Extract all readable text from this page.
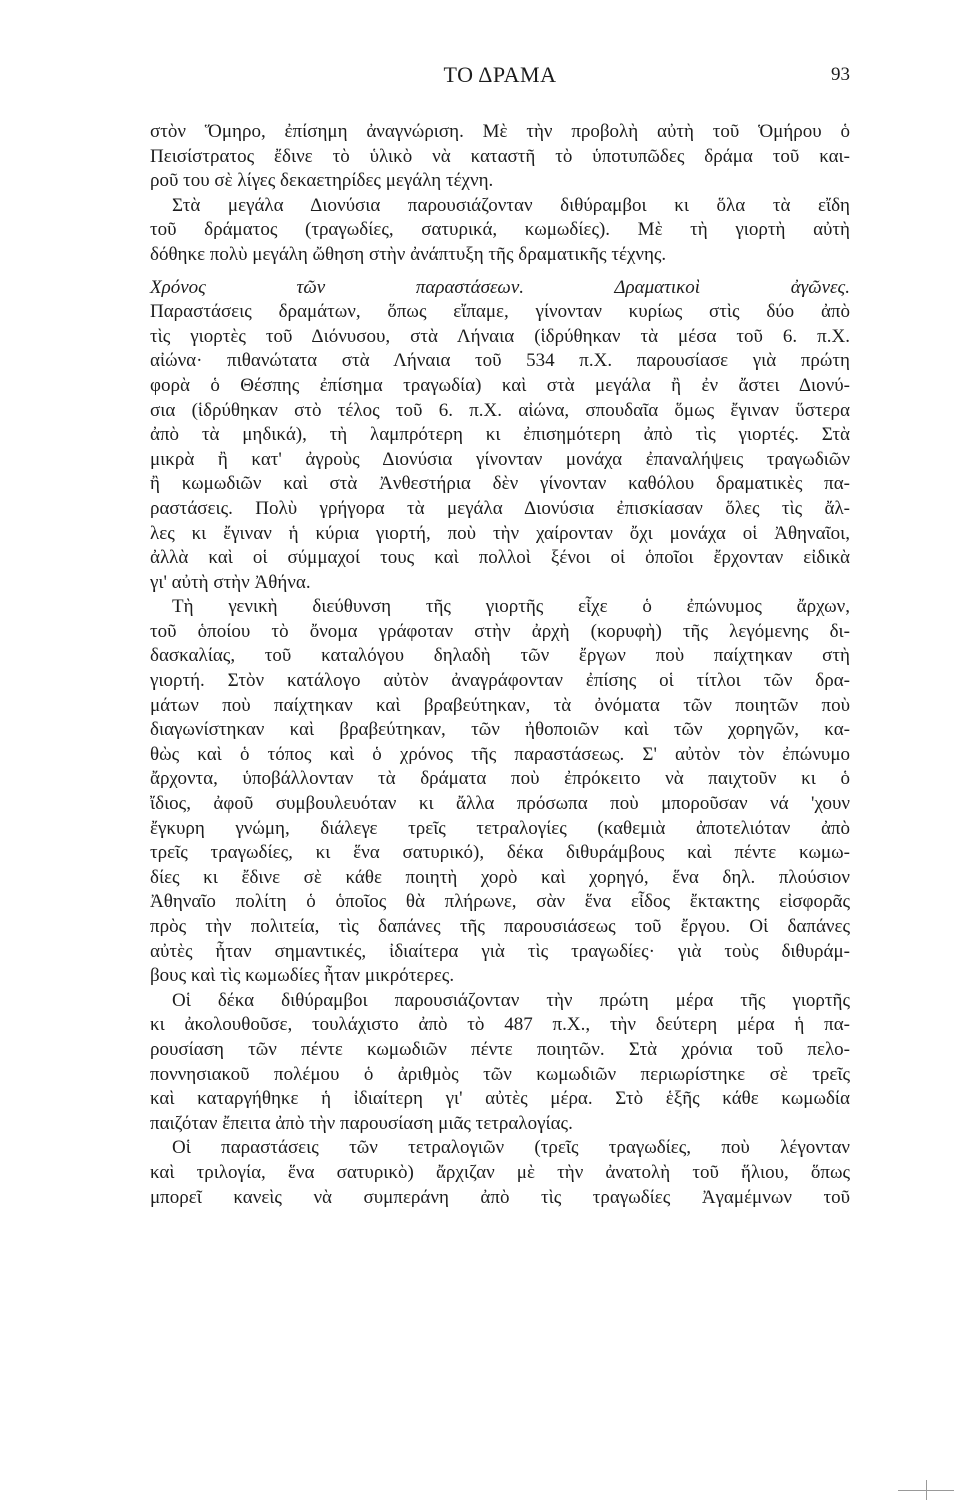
ΤΟ ΔΡΑΜΑ	93
στὸν Ὅμηρο, ἐπίσημη ἀναγνώριση. Μὲ τὴν προβολὴ αὐτὴ τοῦ Ὁμήρου ὁ
Πεισίστρατος ἔδινε τὸ ὑλικὸ νὰ καταστῆ τὸ ὑποτυπῶδες δράμα τοῦ και-
ροῦ του σὲ λίγες δεκαετηρίδες μεγάλη τέχνη.
Στὰ μεγάλα Διονύσια παρουσιάζονταν διθύραμβοι κι ὅλα τὰ εἴδη
τοῦ δράματος (τραγωδίες, σατυρικά, κωμωδίες). Μὲ τὴ γιορτὴ αὐτὴ
δόθηκε πολὺ μεγάλη ὤθηση στὴν ἀνάπτυξη τῆς δραματικῆς τέχνης.
Χρόνος τῶν παραστάσεων. Δραματικοὶ ἀγῶνες.
Παραστάσεις δραμάτων, ὅπως εἴπαμε, γίνονταν κυρίως στὶς δύο ἀπὸ
τὶς γιορτὲς τοῦ Διόνυσου, στὰ Λήναια (ἱδρύθηκαν τὰ μέσα τοῦ 6. π.Χ.
αἰώνα· πιθανώτατα στὰ Λήναια τοῦ 534 π.Χ. παρουσίασε γιὰ πρώτη
φορὰ ὁ Θέσπης ἐπίσημα τραγωδία) καὶ στὰ μεγάλα ἢ ἐν ἄστει Διονύ-
σια (ἱδρύθηκαν στὸ τέλος τοῦ 6. π.Χ. αἰώνα, σπουδαῖα ὅμως ἔγιναν ὕστερα
ἀπὸ τὰ μηδικά), τὴ λαμπρότερη κι ἐπισημότερη ἀπὸ τὶς γιορτές. Στὰ
μικρὰ ἢ κατ' ἀγροὺς Διονύσια γίνονταν μονάχα ἐπαναλήψεις τραγωδιῶν
ἢ κωμωδιῶν καὶ στὰ Ἀνθεστήρια δὲν γίνονταν καθόλου δραματικὲς πα-
ραστάσεις. Πολὺ γρήγορα τὰ μεγάλα Διονύσια ἐπισκίασαν ὅλες τὶς ἄλ-
λες κι ἔγιναν ἡ κύρια γιορτή, ποὺ τὴν χαίρονταν ὄχι μονάχα οἱ Ἀθηναῖοι,
ἀλλὰ καὶ οἱ σύμμαχοί τους καὶ πολλοὶ ξένοι οἱ ὁποῖοι ἔρχονταν εἰδικὰ
γι' αὐτὴ στὴν Ἀθήνα.
Τὴ γενικὴ διεύθυνση τῆς γιορτῆς εἶχε ὁ ἐπώνυμος ἄρχων,
τοῦ ὁποίου τὸ ὄνομα γράφοταν στὴν ἀρχὴ (κορυφὴ) τῆς λεγόμενης δι-
δασκαλίας, τοῦ καταλόγου δηλαδὴ τῶν ἔργων ποὺ παίχτηκαν στὴ
γιορτή. Στὸν κατάλογο αὐτὸν ἀναγράφονταν ἐπίσης οἱ τίτλοι τῶν δρα-
μάτων ποὺ παίχτηκαν καὶ βραβεύτηκαν, τὰ ὀνόματα τῶν ποιητῶν ποὺ
διαγωνίστηκαν καὶ βραβεύτηκαν, τῶν ἠθοποιῶν καὶ τῶν χορηγῶν, κα-
θὼς καὶ ὁ τόπος καὶ ὁ χρόνος τῆς παραστάσεως. Σ' αὐτὸν τὸν ἐπώνυμο
ἄρχοντα, ὑποβάλλονταν τὰ δράματα ποὺ ἐπρόκειτο νὰ παιχτοῦν κι ὁ
ἴδιος, ἀφοῦ συμβουλευόταν κι ἄλλα πρόσωπα ποὺ μποροῦσαν νά 'χουν
ἔγκυρη γνώμη, διάλεγε τρεῖς τετραλογίες (καθεμιὰ ἀποτελιόταν ἀπὸ
τρεῖς τραγωδίες, κι ἕνα σατυρικό), δέκα διθυράμβους καὶ πέντε κωμω-
δίες κι ἔδινε σὲ κάθε ποιητὴ χορὸ καὶ χορηγό, ἕνα δηλ. πλούσιον
Ἀθηναῖο πολίτη ὁ ὁποῖος θὰ πλήρωνε, σὰν ἕνα εἶδος ἔκτακτης εἰσφορᾶς
πρὸς τὴν πολιτεία, τὶς δαπάνες τῆς παρουσιάσεως τοῦ ἔργου. Οἱ δαπάνες
αὐτὲς ἦταν σημαντικές, ἰδιαίτερα γιὰ τὶς τραγωδίες· γιὰ τοὺς διθυράμ-
βους καὶ τὶς κωμωδίες ἦταν μικρότερες.
Οἱ δέκα διθύραμβοι παρουσιάζονταν τὴν πρώτη μέρα τῆς γιορτῆς
κι ἀκολουθοῦσε, τουλάχιστο ἀπὸ τὸ 487 π.Χ., τὴν δεύτερη μέρα ἡ πα-
ρουσίαση τῶν πέντε κωμωδιῶν πέντε ποιητῶν. Στὰ χρόνια τοῦ πελο-
ποννησιακοῦ πολέμου ὁ ἀριθμὸς τῶν κωμωδιῶν περιωρίστηκε σὲ τρεῖς
καὶ καταργήθηκε ἡ ἰδιαίτερη γι' αὐτὲς μέρα. Στὸ ἑξῆς κάθε κωμωδία
παιζόταν ἔπειτα ἀπὸ τὴν παρουσίαση μιᾶς τετραλογίας.
Οἱ παραστάσεις τῶν τετραλογιῶν (τρεῖς τραγωδίες, ποὺ λέγονταν
καὶ τριλογία, ἕνα σατυρικὸ) ἄρχιζαν μὲ τὴν ἀνατολὴ τοῦ ἥλιου, ὅπως
μπορεῖ κανεὶς νὰ συμπεράνη ἀπὸ τὶς τραγωδίες Ἀγαμέμνων τοῦ
